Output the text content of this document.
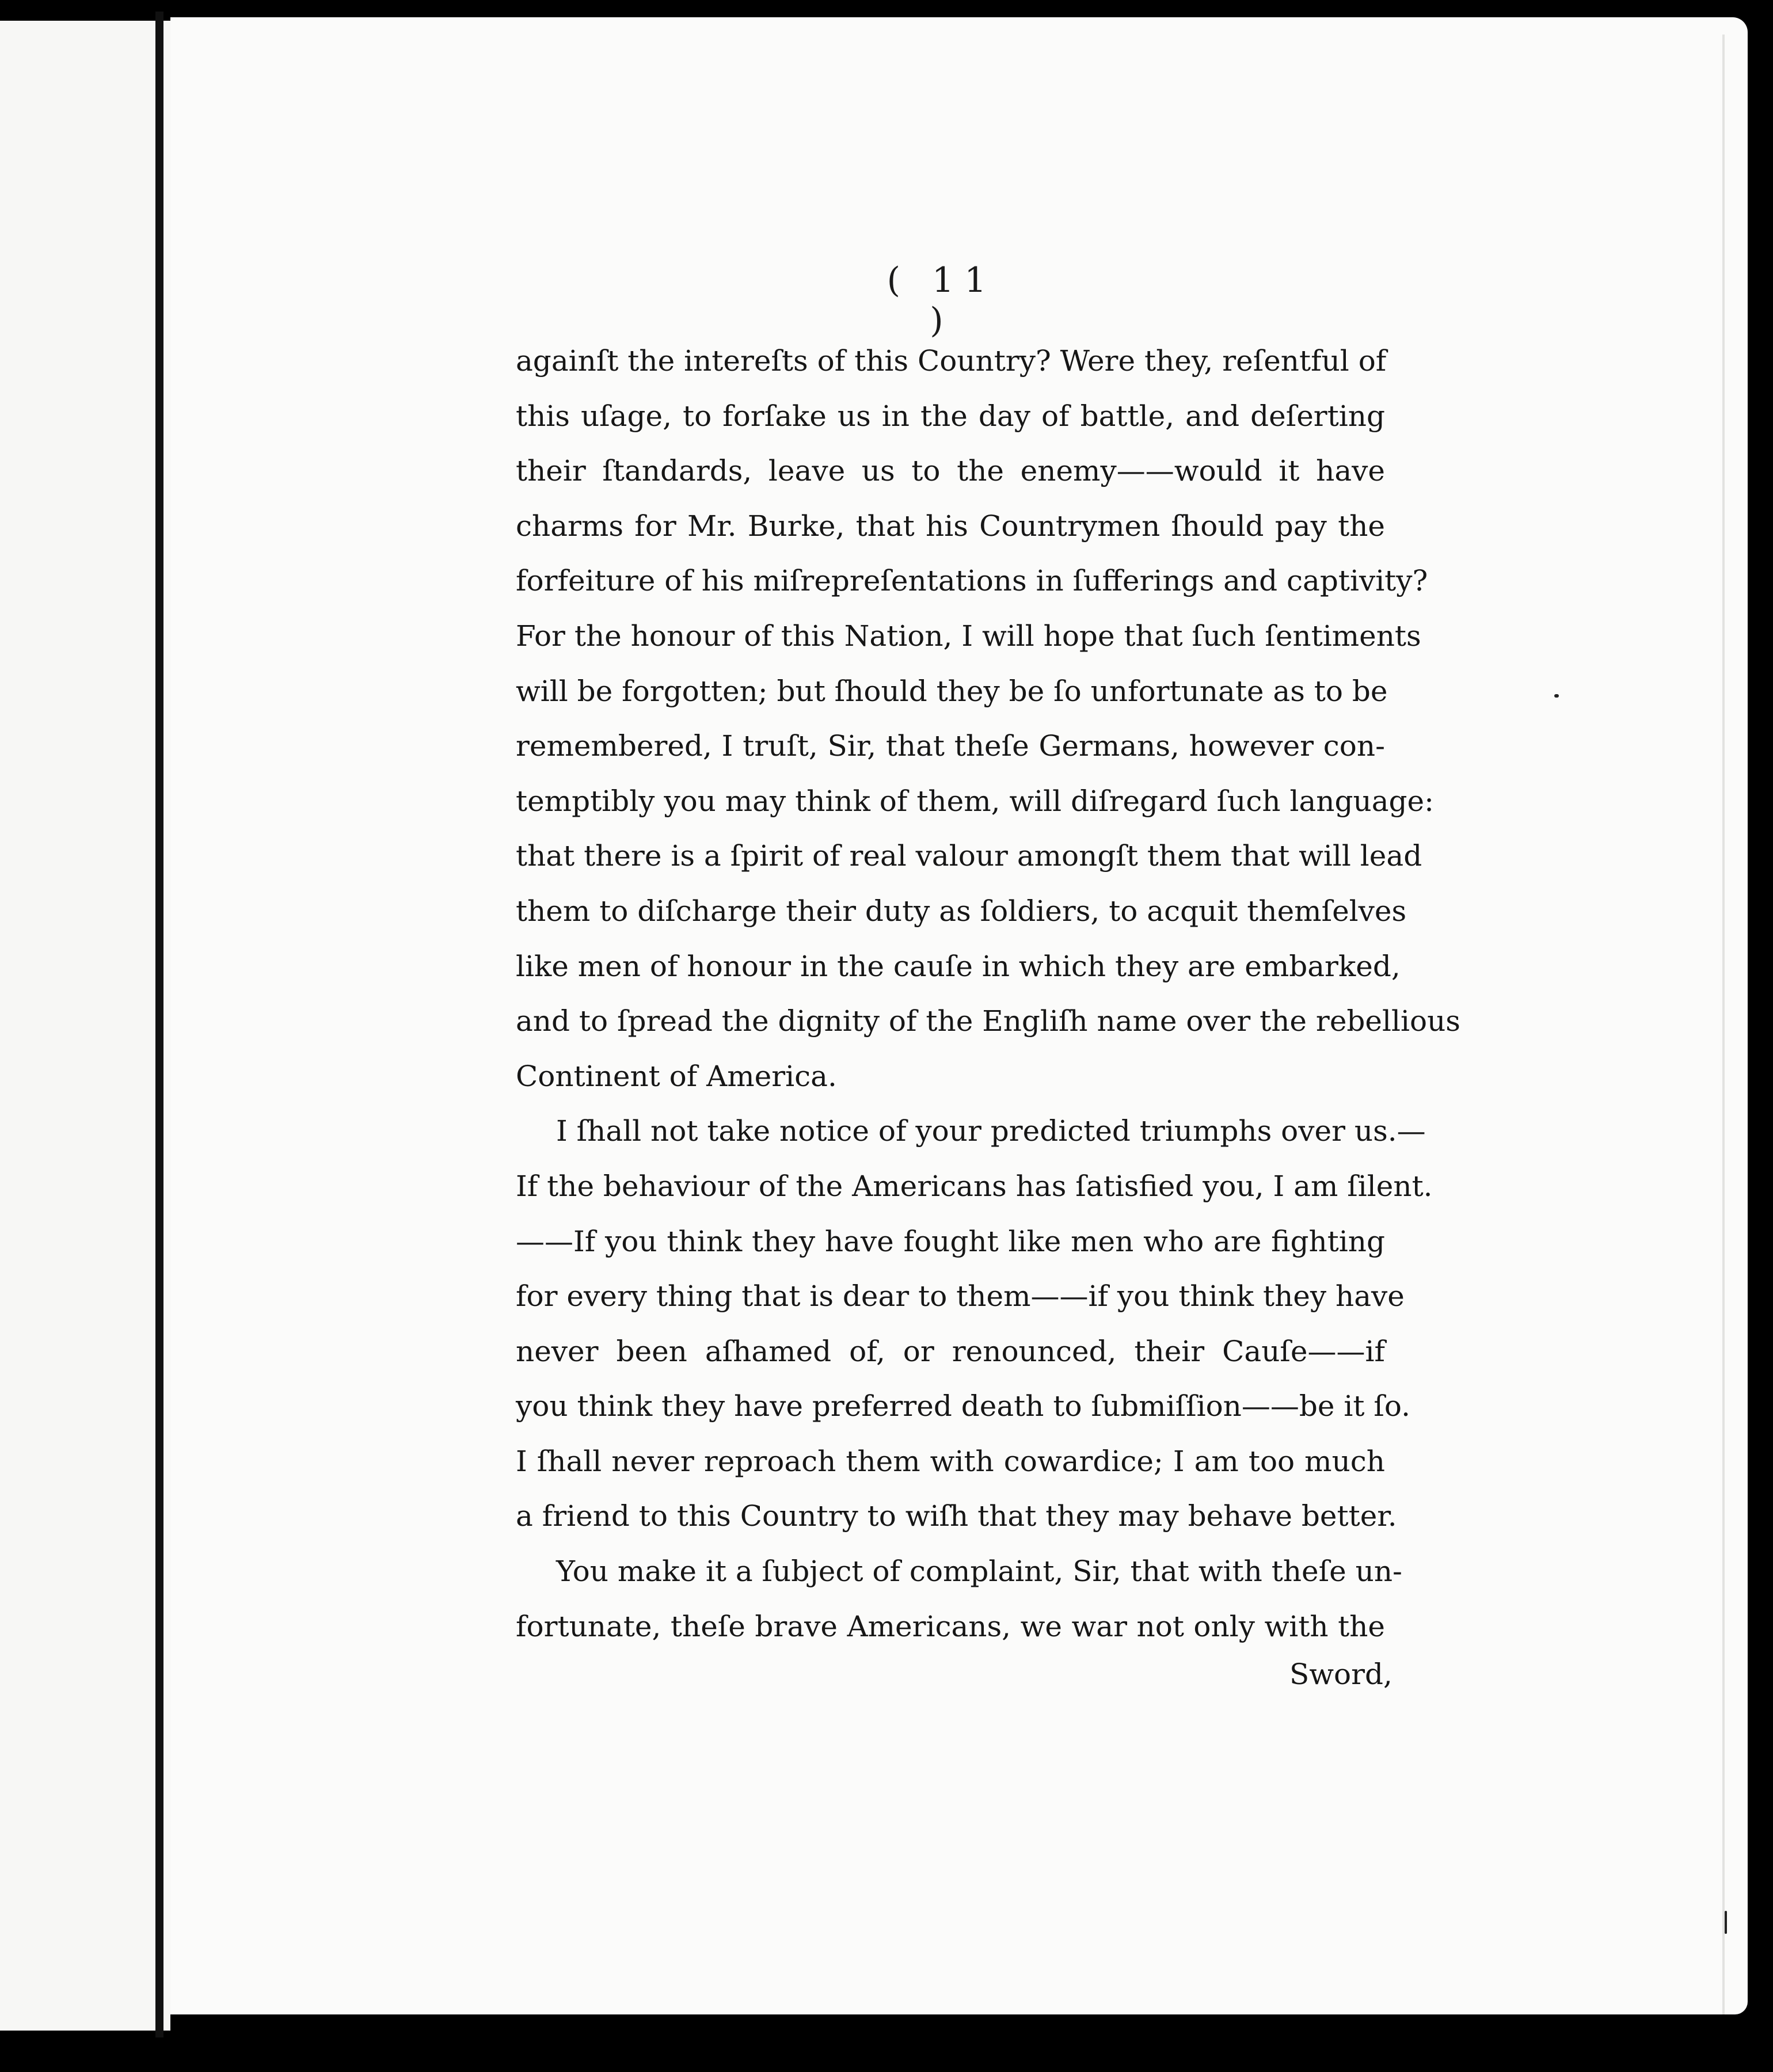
( 11 )
againſt the intereſts of this Country? Were they, reſentful of
this uſage, to forſake us in the day of battle, and deſerting
their ſtandards, leave us to the enemy——would it have
charms for Mr. Burke, that his Countrymen ſhould pay the
forfeiture of his miſrepreſentations in ſufferings and captivity?
For the honour of this Nation, I will hope that ſuch ſentiments
will be forgotten; but ſhould they be ſo unfortunate as to be
remembered, I truſt, Sir, that theſe Germans, however con-
temptibly you may think of them, will diſregard ſuch language:
that there is a ſpirit of real valour amongſt them that will lead
them to diſcharge their duty as ſoldiers, to acquit themſelves
like men of honour in the cauſe in which they are embarked,
and to ſpread the dignity of the Engliſh name over the rebellious
Continent of America.
I ſhall not take notice of your predicted triumphs over us.—
If the behaviour of the Americans has ſatisfied you, I am ſilent.
——If you think they have fought like men who are fighting
for every thing that is dear to them——if you think they have
never been aſhamed of, or renounced, their Cauſe——if
you think they have preferred death to ſubmiſſion——be it ſo.
I ſhall never reproach them with cowardice; I am too much
a friend to this Country to wiſh that they may behave better.
You make it a ſubject of complaint, Sir, that with theſe un-
fortunate, theſe brave Americans, we war not only with the
Sword,
